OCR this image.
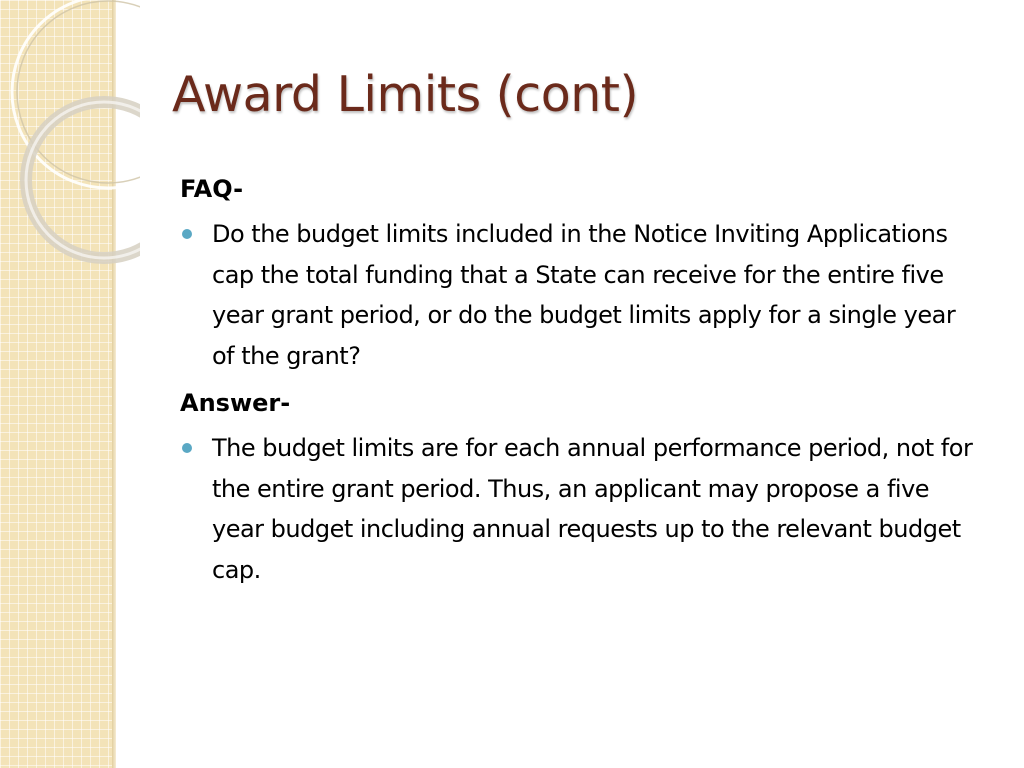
Award Limits (cont)
FAQ-
Do the budget limits included in the Notice Inviting Applications cap the total funding that a State can receive for the entire five year grant period, or do the budget limits apply for a single year of the grant?
Answer-
The budget limits are for each annual performance period, not for the entire grant period. Thus, an applicant may propose a five year budget including annual requests up to the relevant budget cap.
